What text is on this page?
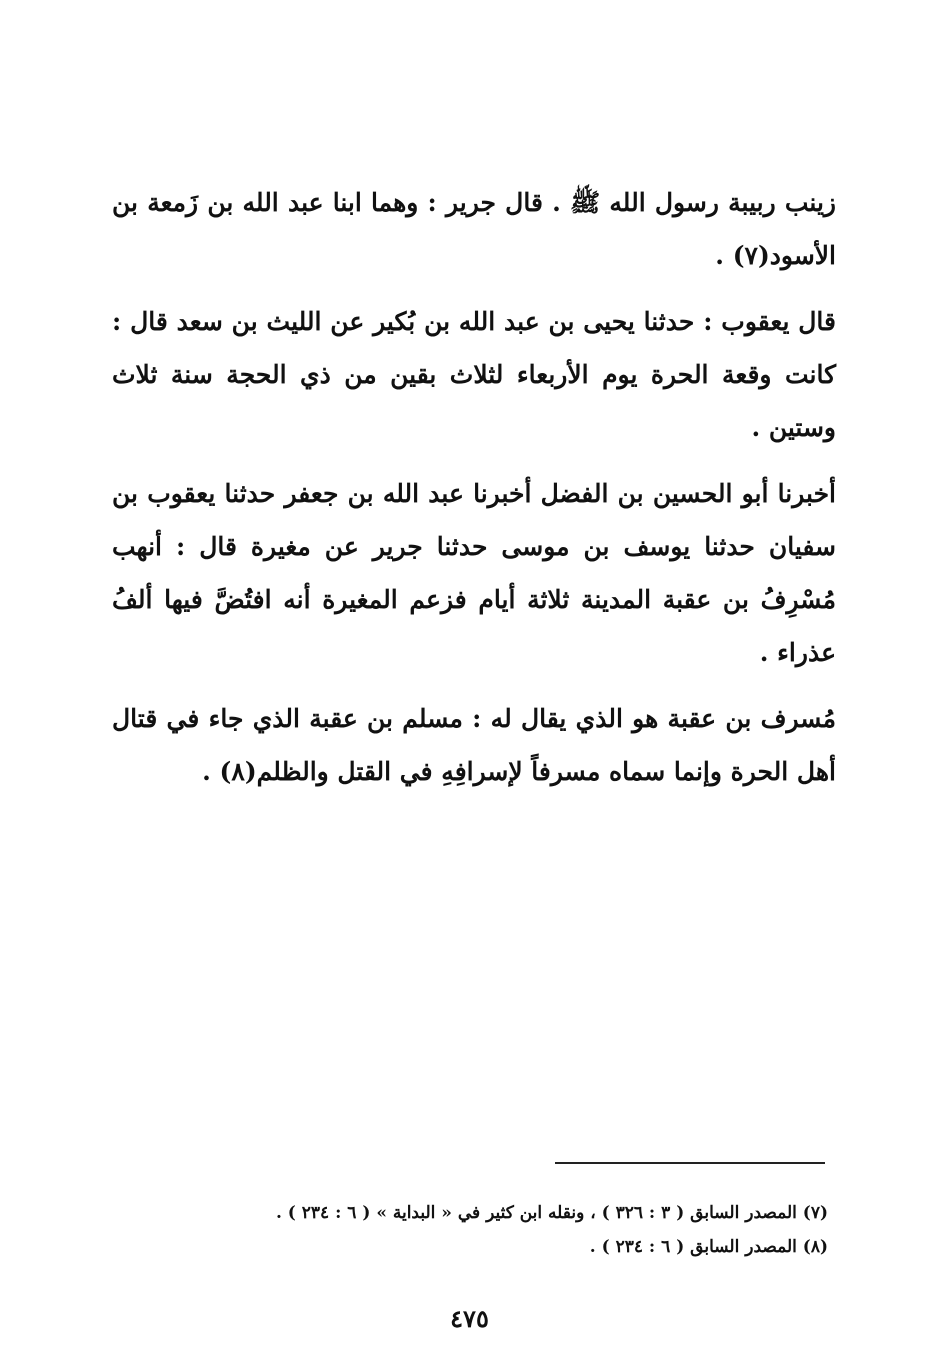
زينب ربيبة رسول الله ﷺ . قال جرير : وهما ابنا عبد الله بن زَمعة بن الأسود(٧) .

قال يعقوب : حدثنا يحيى بن عبد الله بن بُكير عن الليث بن سعد قال : كانت وقعة الحرة يوم الأربعاء لثلاث بقين من ذي الحجة سنة ثلاث وستين .

أخبرنا أبو الحسين بن الفضل أخبرنا عبد الله بن جعفر حدثنا يعقوب بن سفيان حدثنا يوسف بن موسى حدثنا جرير عن مغيرة قال : أنهب مُسْرِفُ بن عقبة المدينة ثلاثة أيام فزعم المغيرة أنه افتُضَّ فيها ألفُ عذراء .

مُسرف بن عقبة هو الذي يقال له : مسلم بن عقبة الذي جاء في قتال أهل الحرة وإنما سماه مسرفاً لإسرافِهِ في القتل والظلم(٨) .

(٧) المصدر السابق ( ٣ : ٣٢٦ ) ، ونقله ابن كثير في « البداية » ( ٦ : ٢٣٤ ) .

(٨) المصدر السابق ( ٦ : ٢٣٤ ) .

٤٧٥
